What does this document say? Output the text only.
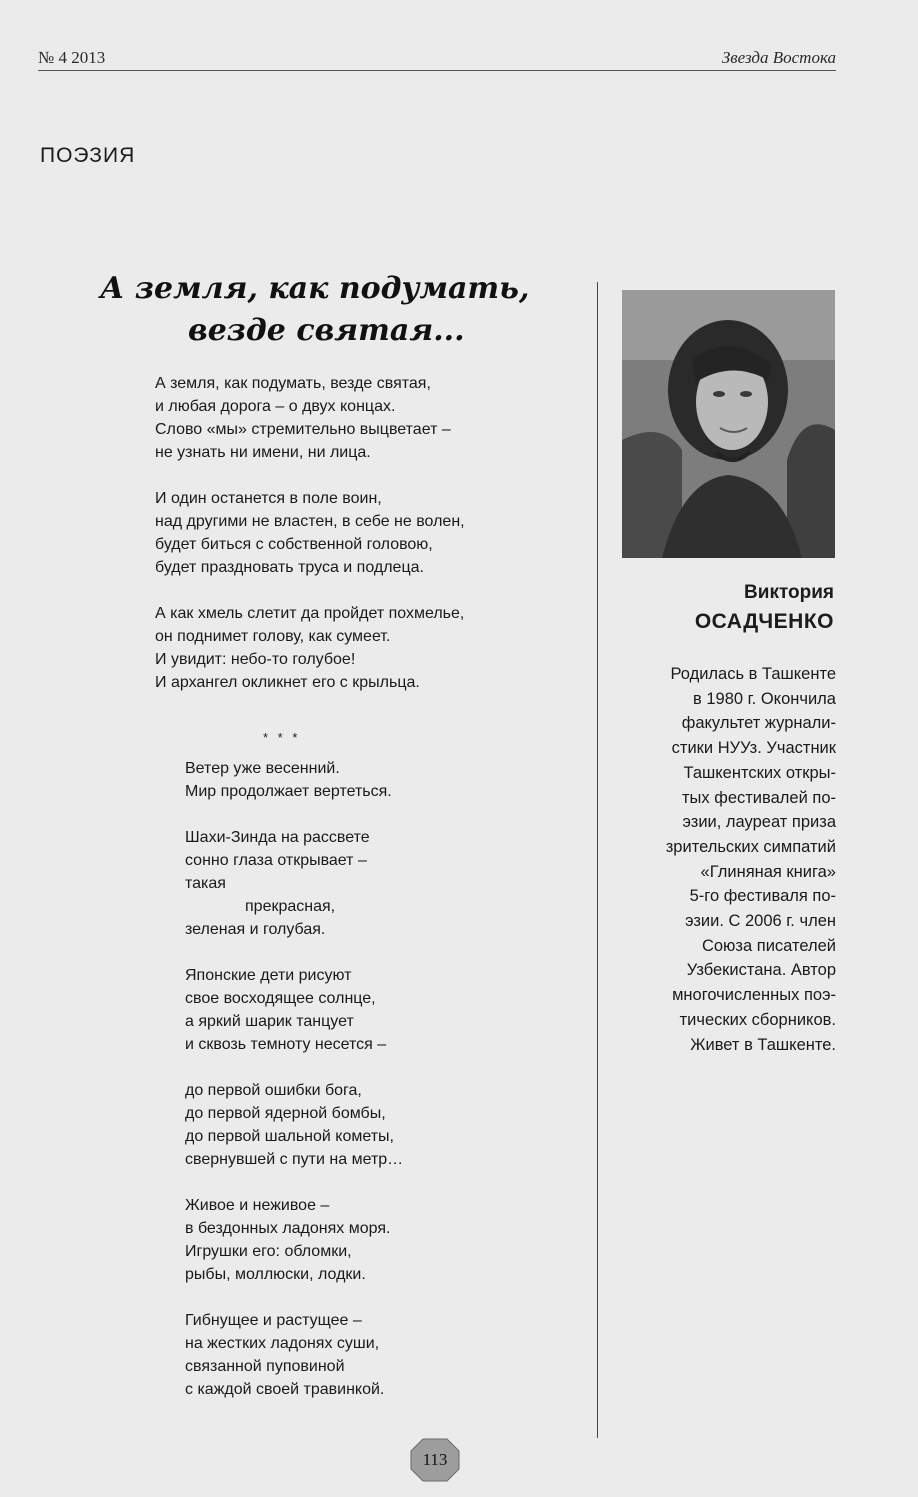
№ 4 2013	Звезда Востока
ПОЭЗИЯ
А земля, как подумать,
везде святая...
А земля, как подумать, везде святая,
и любая дорога – о двух концах.
Слово «мы» стремительно выцветает –
не узнать ни имени, ни лица.
И один останется в поле воин,
над другими не властен, в себе не волен,
будет биться с собственной головою,
будет праздновать труса и подлеца.
А как хмель слетит да пройдет похмелье,
он поднимет голову, как сумеет.
И увидит: небо-то голубое!
И архангел окликнет его с крыльца.
* * *
Ветер уже весенний.
Мир продолжает вертеться.
Шахи-Зинда на рассвете
сонно глаза открывает –
такая
прекрасная,
зеленая и голубая.
Японские дети рисуют
свое восходящее солнце,
а яркий шарик танцует
и сквозь темноту несется –
до первой ошибки бога,
до первой ядерной бомбы,
до первой шальной кометы,
свернувшей с пути на метр…
Живое и неживое –
в бездонных ладонях моря.
Игрушки его: обломки,
рыбы, моллюски, лодки.
Гибнущее и растущее –
на жестких ладонях суши,
связанной пуповиной
с каждой своей травинкой.
Виктория
ОСАДЧЕНКО
Родилась в Ташкенте
в 1980 г. Окончила
факультет журнали-
стики НУУз. Участник
Ташкентских откры-
тых фестивалей по-
эзии, лауреат приза
зрительских симпатий
«Глиняная книга»
5-го фестиваля по-
эзии. С 2006 г. член
Союза писателей
Узбекистана. Автор
многочисленных поэ-
тических сборников.
Живет в Ташкенте.
113
